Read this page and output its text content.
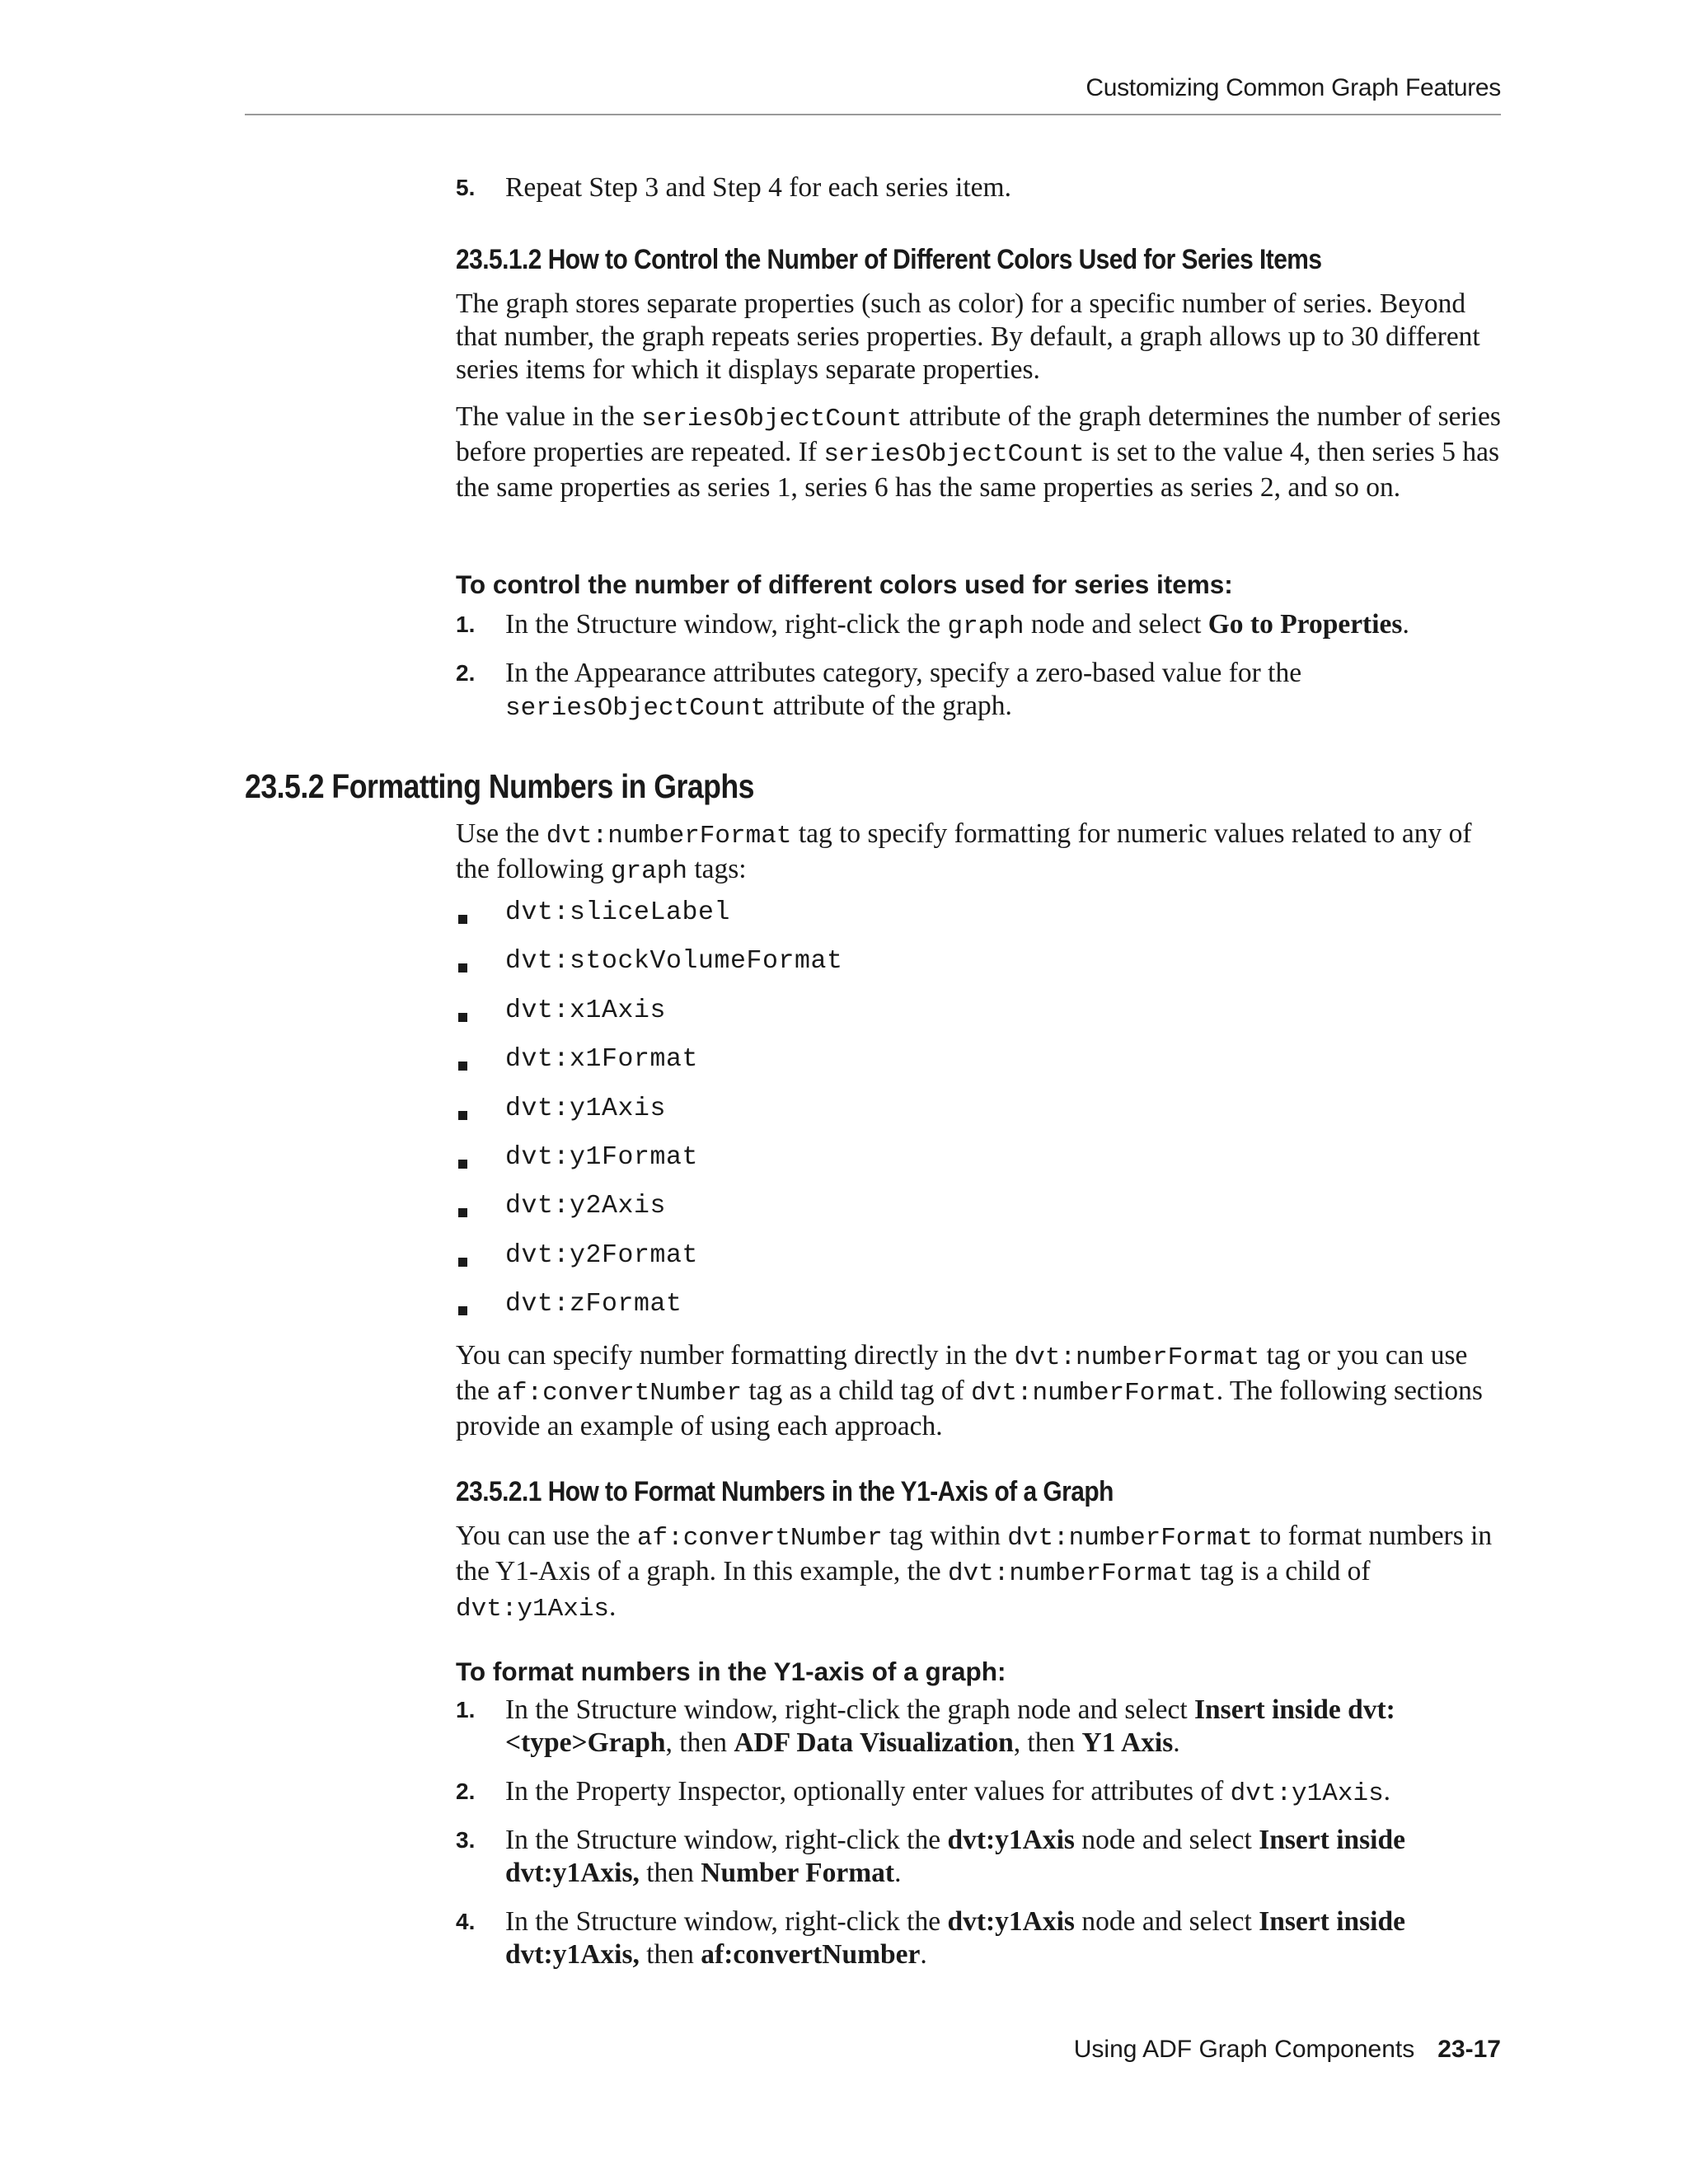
Customizing Common Graph Features
5. Repeat Step 3 and Step 4 for each series item.
23.5.1.2 How to Control the Number of Different Colors Used for Series Items

The graph stores separate properties (such as color) for a specific number of series. Beyond that number, the graph repeats series properties. By default, a graph allows up to 30 different series items for which it displays separate properties.

The value in the seriesObjectCount attribute of the graph determines the number of series before properties are repeated. If seriesObjectCount is set to the value 4, then series 5 has the same properties as series 1, series 6 has the same properties as series 2, and so on.

To control the number of different colors used for series items:
1. In the Structure window, right-click the graph node and select Go to Properties.
2. In the Appearance attributes category, specify a zero-based value for the seriesObjectCount attribute of the graph.
23.5.2 Formatting Numbers in Graphs

Use the dvt:numberFormat tag to specify formatting for numeric values related to any of the following graph tags:

dvt:sliceLabel
dvt:stockVolumeFormat
dvt:x1Axis
dvt:x1Format
dvt:y1Axis
dvt:y1Format
dvt:y2Axis
dvt:y2Format
dvt:zFormat

You can specify number formatting directly in the dvt:numberFormat tag or you can use the af:convertNumber tag as a child tag of dvt:numberFormat. The following sections provide an example of using each approach.

23.5.2.1 How to Format Numbers in the Y1-Axis of a Graph

You can use the af:convertNumber tag within dvt:numberFormat to format numbers in the Y1-Axis of a graph. In this example, the dvt:numberFormat tag is a child of dvt:y1Axis.

To format numbers in the Y1-axis of a graph:
1. In the Structure window, right-click the graph node and select Insert inside dvt:<type>Graph, then ADF Data Visualization, then Y1 Axis.
2. In the Property Inspector, optionally enter values for attributes of dvt:y1Axis.
3. In the Structure window, right-click the dvt:y1Axis node and select Insert inside dvt:y1Axis, then Number Format.
4. In the Structure window, right-click the dvt:y1Axis node and select Insert inside dvt:y1Axis, then af:convertNumber.
Using ADF Graph Components 23-17
